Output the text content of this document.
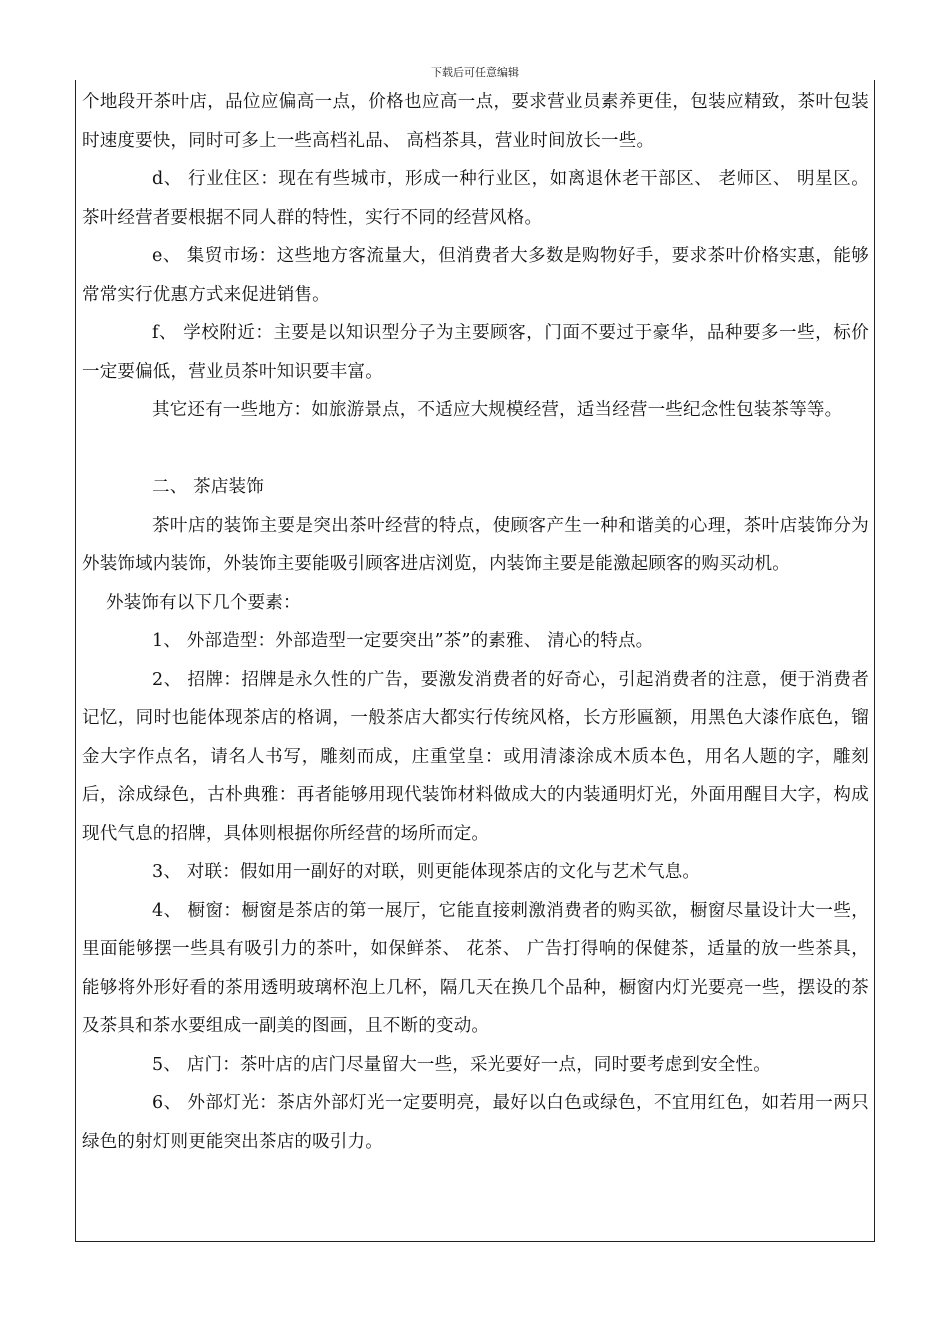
下载后可任意编辑

个地段开茶叶店，品位应偏高一点，价格也应高一点，要求营业员素养更佳，包装应精致，茶叶包装时速度要快，同时可多上一些高档礼品、 高档茶具，营业时间放长一些。

d、 行业住区：现在有些城市，形成一种行业区，如离退休老干部区、 老师区、 明星区。茶叶经营者要根据不同人群的特性，实行不同的经营风格。

e、 集贸市场：这些地方客流量大，但消费者大多数是购物好手，要求茶叶价格实惠，能够常常实行优惠方式来促进销售。

f、 学校附近：主要是以知识型分子为主要顾客，门面不要过于豪华，品种要多一些，标价一定要偏低，营业员茶叶知识要丰富。

其它还有一些地方：如旅游景点，不适应大规模经营，适当经营一些纪念性包装茶等等。

二、 茶店装饰

茶叶店的装饰主要是突出茶叶经营的特点，使顾客产生一种和谐美的心理，茶叶店装饰分为外装饰域内装饰，外装饰主要能吸引顾客进店浏览，内装饰主要是能激起顾客的购买动机。

外装饰有以下几个要素：

1、 外部造型：外部造型一定要突出”茶”的素雅、 清心的特点。

2、 招牌：招牌是永久性的广告，要激发消费者的好奇心，引起消费者的注意，便于消费者记忆，同时也能体现茶店的格调，一般茶店大都实行传统风格，长方形匾额，用黑色大漆作底色，镏金大字作点名，请名人书写，雕刻而成，庄重堂皇：或用清漆涂成木质本色，用名人题的字，雕刻后，涂成绿色，古朴典雅：再者能够用现代装饰材料做成大的内装通明灯光，外面用醒目大字，构成现代气息的招牌，具体则根据你所经营的场所而定。

3、 对联：假如用一副好的对联，则更能体现茶店的文化与艺术气息。

4、 橱窗：橱窗是茶店的第一展厅，它能直接刺激消费者的购买欲，橱窗尽量设计大一些，里面能够摆一些具有吸引力的茶叶，如保鲜茶、 花茶、 广告打得响的保健茶，适量的放一些茶具，能够将外形好看的茶用透明玻璃杯泡上几杯，隔几天在换几个品种，橱窗内灯光要亮一些，摆设的茶及茶具和茶水要组成一副美的图画，且不断的变动。

5、 店门：茶叶店的店门尽量留大一些，采光要好一点，同时要考虑到安全性。

6、 外部灯光：茶店外部灯光一定要明亮，最好以白色或绿色，不宜用红色，如若用一两只绿色的射灯则更能突出茶店的吸引力。
